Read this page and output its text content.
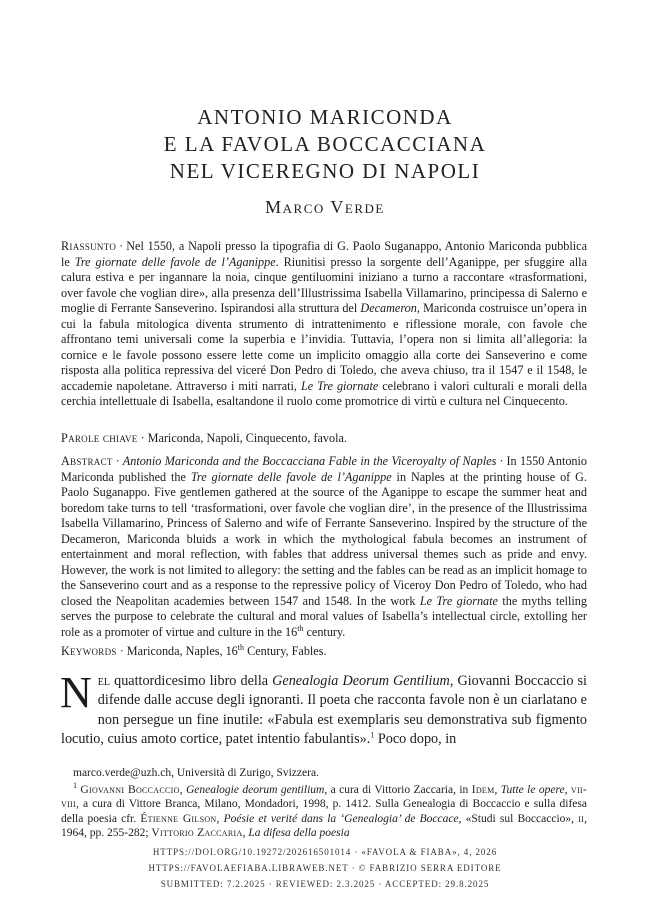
ANTONIO MARICONDA
E LA FAVOLA BOCCACCIANA
NEL VICEREGNO DI NAPOLI
Marco Verde
Riassunto · Nel 1550, a Napoli presso la tipografia di G. Paolo Suganappo, Antonio Mariconda pubblica le Tre giornate delle favole de l’Aganippe. Riunitisi presso la sorgente dell’Aganippe, per sfuggire alla calura estiva e per ingannare la noia, cinque gentiluomini iniziano a turno a raccontare «trasformationi, over favole che voglian dire», alla presenza dell’Illustrissima Isabella Villamarino, principessa di Salerno e moglie di Ferrante Sanseverino. Ispirandosi alla struttura del Decameron, Mariconda costruisce un’opera in cui la fabula mitologica diventa strumento di intrattenimento e riflessione morale, con favole che affrontano temi universali come la superbia e l’invidia. Tuttavia, l’opera non si limita all’allegoria: la cornice e le favole possono essere lette come un implicito omaggio alla corte dei Sanseverino e come risposta alla politica repressiva del viceré Don Pedro di Toledo, che aveva chiuso, tra il 1547 e il 1548, le accademie napoletane. Attraverso i miti narrati, Le Tre giornate celebrano i valori culturali e morali della cerchia intellettuale di Isabella, esaltandone il ruolo come promotrice di virtù e cultura nel Cinquecento.
Parole chiave · Mariconda, Napoli, Cinquecento, favola.
Abstract · Antonio Mariconda and the Boccacciana Fable in the Viceroyalty of Naples · In 1550 Antonio Mariconda published the Tre giornate delle favole de l’Aganippe in Naples at the printing house of G. Paolo Suganappo. Five gentlemen gathered at the source of the Aganippe to escape the summer heat and boredom take turns to tell ‘trasformationi, over favole che voglian dire’, in the presence of the Illustrissima Isabella Villamarino, Princess of Salerno and wife of Ferrante Sanseverino. Inspired by the structure of the Decameron, Mariconda bluids a work in which the mythological fabula becomes an instrument of entertainment and moral reflection, with fables that address universal themes such as pride and envy. However, the work is not limited to allegory: the setting and the fables can be read as an implicit homage to the Sanseverino court and as a response to the repressive policy of Viceroy Don Pedro of Toledo, who had closed the Neapolitan academies between 1547 and 1548. In the work Le Tre giornate the myths telling serves the purpose to celebrate the cultural and moral values of Isabella’s intellectual circle, extolling her role as a promoter of virtue and culture in the 16th century.
Keywords · Mariconda, Naples, 16th Century, Fables.
Nel quattordicesimo libro della Genealogia Deorum Gentilium, Giovanni Boccaccio si difende dalle accuse degli ignoranti. Il poeta che racconta favole non è un ciarlatano e non persegue un fine inutile: «Fabula est exemplaris seu demonstrativa sub figmento locutio, cuius amoto cortice, patet intentio fabulantis».$^1$ Poco dopo, in
marco.verde@uzh.ch, Università di Zurigo, Svizzera.
$^1$ Giovanni Boccaccio, Genealogie deorum gentilium, a cura di Vittorio Zaccaria, in Idem, Tutte le opere, vii-viii, a cura di Vittore Branca, Milano, Mondadori, 1998, p. 1412. Sulla Genealogia di Boccaccio e sulla difesa della poesia cfr. Étienne Gilson, Poésie et verité dans la ‘Genealogia’ de Boccace, «Studi sul Boccaccio», ii, 1964, pp. 255-282; Vittorio Zaccaria, La difesa della poesia
HTTPS://DOI.ORG/10.19272/202616501014 · «FAVOLA & FIABA», 4, 2026
HTTPS://FAVOLAEFIABA.LIBRAWEB.NET · © FABRIZIO SERRA EDITORE
SUBMITTED: 7.2.2025 · REVIEWED: 2.3.2025 · ACCEPTED: 29.8.2025
